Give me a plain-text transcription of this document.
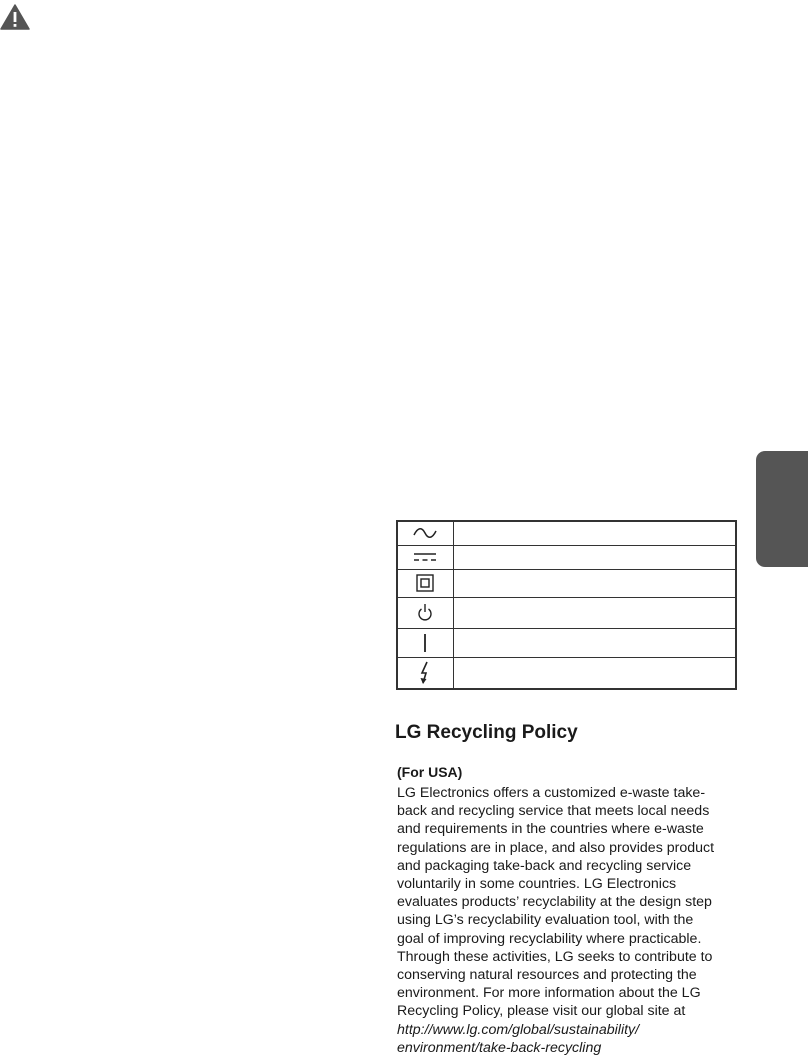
LG Recycling Policy
(For USA)
LG Electronics offers a customized e-waste take-
back and recycling service that meets local needs
and requirements in the countries where e-waste
regulations are in place, and also provides product
and packaging take-back and recycling service
voluntarily in some countries. LG Electronics
evaluates products’ recyclability at the design step
using LG’s recyclability evaluation tool, with the
goal of improving recyclability where practicable.
Through these activities, LG seeks to contribute to
conserving natural resources and protecting the
environment. For more information about the LG
Recycling Policy, please visit our global site at
http://www.lg.com/global/sustainability/
environment/take-back-recycling
